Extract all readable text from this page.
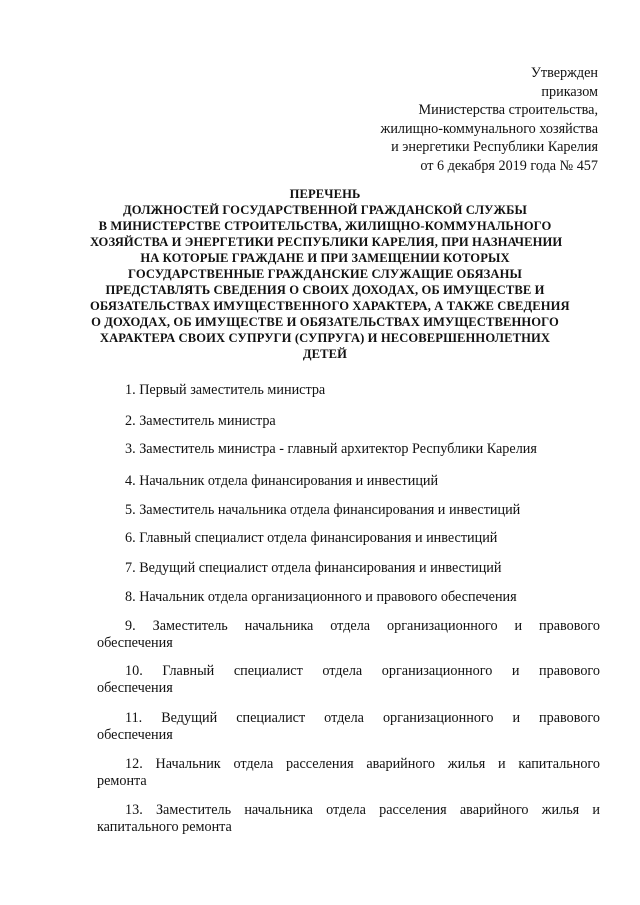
Утвержден
приказом
Министерства строительства,
жилищно-коммунального хозяйства
и энергетики Республики Карелия
от 6 декабря 2019 года № 457
ПЕРЕЧЕНЬ
ДОЛЖНОСТЕЙ ГОСУДАРСТВЕННОЙ ГРАЖДАНСКОЙ СЛУЖБЫ
В МИНИСТЕРСТВЕ СТРОИТЕЛЬСТВА, ЖИЛИЩНО-КОММУНАЛЬНОГО
ХОЗЯЙСТВА И ЭНЕРГЕТИКИ РЕСПУБЛИКИ КАРЕЛИЯ, ПРИ НАЗНАЧЕНИИ
НА КОТОРЫЕ ГРАЖДАНЕ И ПРИ ЗАМЕЩЕНИИ КОТОРЫХ
ГОСУДАРСТВЕННЫЕ ГРАЖДАНСКИЕ СЛУЖАЩИЕ ОБЯЗАНЫ
ПРЕДСТАВЛЯТЬ СВЕДЕНИЯ О СВОИХ ДОХОДАХ, ОБ ИМУЩЕСТВЕ И
ОБЯЗАТЕЛЬСТВАХ ИМУЩЕСТВЕННОГО ХАРАКТЕРА, А ТАКЖЕ СВЕДЕНИЯ
О ДОХОДАХ, ОБ ИМУЩЕСТВЕ И ОБЯЗАТЕЛЬСТВАХ ИМУЩЕСТВЕННОГО
ХАРАКТЕРА СВОИХ СУПРУГИ (СУПРУГА) И НЕСОВЕРШЕННОЛЕТНИХ
ДЕТЕЙ
1. Первый заместитель министра
2. Заместитель министра
3. Заместитель министра - главный архитектор Республики Карелия
4. Начальник отдела финансирования и инвестиций
5. Заместитель начальника отдела финансирования и инвестиций
6. Главный специалист отдела финансирования и инвестиций
7. Ведущий специалист отдела финансирования и инвестиций
8. Начальник отдела организационного и правового обеспечения
9. Заместитель начальника отдела организационного и правового
обеспечения
10. Главный специалист отдела организационного и правового
обеспечения
11. Ведущий специалист отдела организационного и правового
обеспечения
12. Начальник отдела расселения аварийного жилья и капитального
ремонта
13. Заместитель начальника отдела расселения аварийного жилья и
капитального ремонта
